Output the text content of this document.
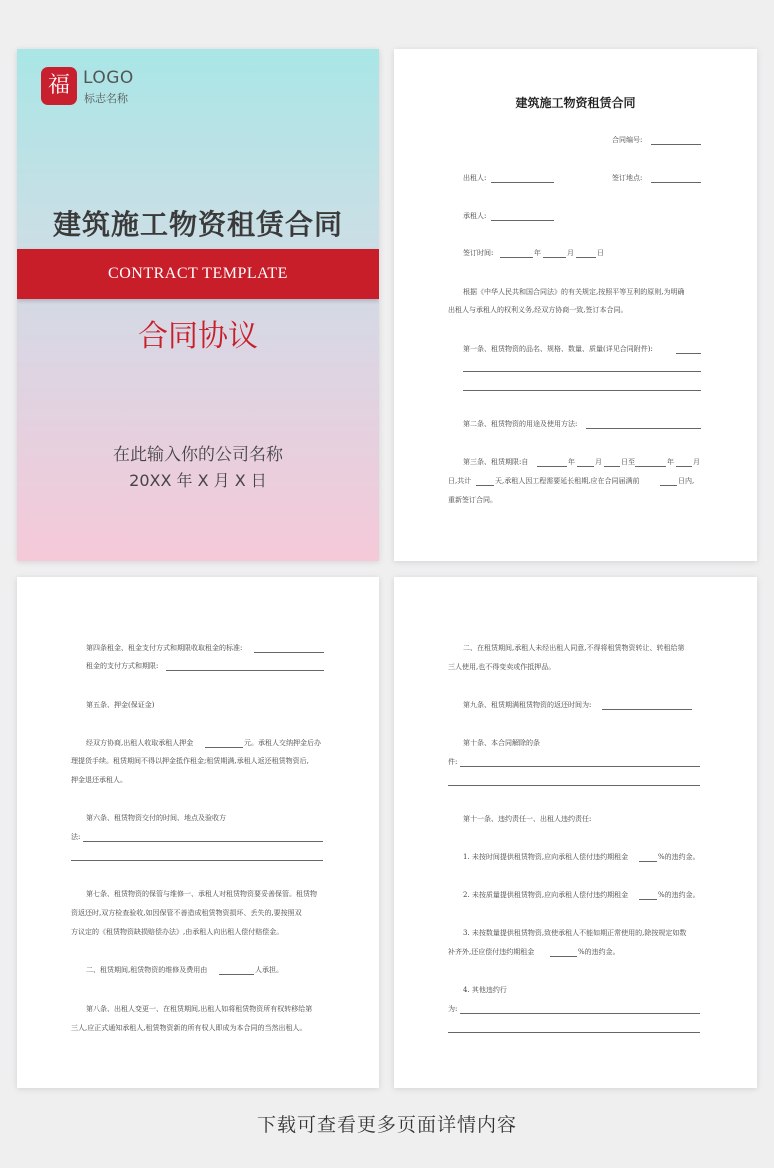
福 LOGO
标志名称
建筑施工物资租赁合同
CONTRACT TEMPLATE
合同协议
在此输入你的公司名称
20XX 年 X 月 X 日
建筑施工物资租赁合同
合同编号:
出租人:	签订地点:
承租人:
签订时间:	年	月	日
根据《中华人民共和国合同法》的有关规定,按照平等互利的原则,为明确
出租人与承租人的权利义务,经双方协商一致,签订本合同。
第一条、租赁物资的品名、规格、数量、质量(详见合同附件):
第二条、租赁物资的用途及使用方法:
第三条、租赁期限:自	年	月	日至	年	月
日,共计	天,承租人因工程需要延长租期,应在合同届满前	日内,
重新签订合同。
第四条租金、租金支付方式和期限收取租金的标准:
租金的支付方式和期限:
第五条、押金(保证金)
经双方协商,出租人收取承租人押金	元。承租人交纳押金后办
理提货手续。租赁期间不得以押金抵作租金;租赁期满,承租人返还租赁物资后,
押金退还承租人。
第六条、租赁物资交付的时间、地点及验收方
法:
第七条、租赁物资的保管与维修一、承租人对租赁物资要妥善保管。租赁物
资返还时,双方检查验收,如因保管不善造成租赁物资损坏、丢失的,要按照双
方议定的《租赁物资缺损赔偿办法》,由承租人向出租人偿付赔偿金。
二、租赁期间,租赁物资的维修及费用由	人承担。
第八条、出租人变更一、在租赁期间,出租人如将租赁物资所有权转移给第
三人,应正式通知承租人,租赁物资新的所有权人即成为本合同的当然出租人。
二、在租赁期间,承租人未经出租人同意,不得将租赁物资转让、转租给第
三人使用,也不得变卖或作抵押品。
第九条、租赁期满租赁物资的返还时间为:
第十条、本合同解除的条
件:
第十一条、违约责任一、出租人违约责任:
1. 未按时间提供租赁物资,应向承租人偿付违约期租金	%的违约金。
2. 未按质量提供租赁物资,应向承租人偿付违约期租金	%的违约金。
3. 未按数量提供租赁物资,致使承租人不能如期正常使用的,除按规定如数
补齐外,还应偿付违约期租金	%的违约金。
4. 其他违约行
为:
下载可查看更多页面详情内容
